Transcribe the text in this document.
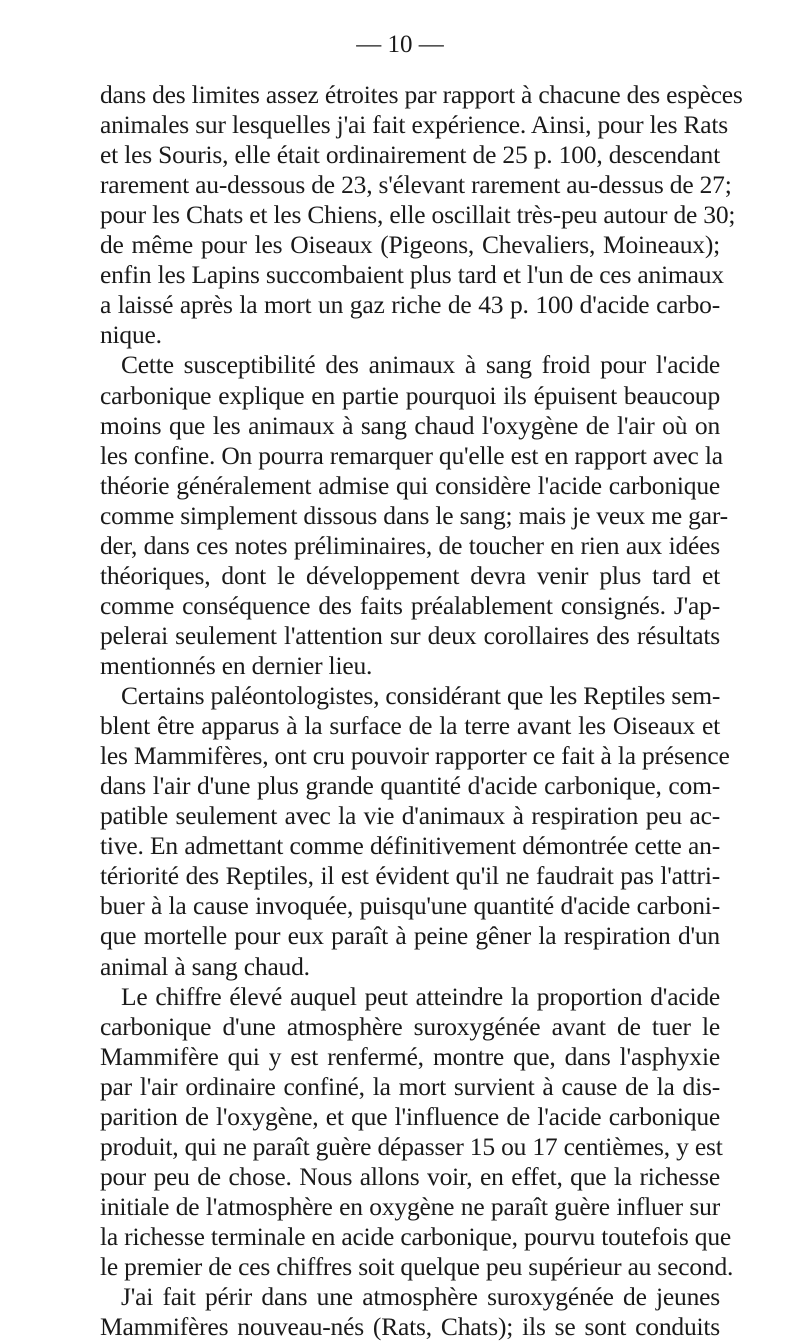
— 10 —
dans des limites assez étroites par rapport à chacune des espèces
animales sur lesquelles j'ai fait expérience. Ainsi, pour les Rats
et les Souris, elle était ordinairement de 25 p. 100, descendant
rarement au-dessous de 23, s'élevant rarement au-dessus de 27;
pour les Chats et les Chiens, elle oscillait très-peu autour de 30;
de même pour les Oiseaux (Pigeons, Chevaliers, Moineaux);
enfin les Lapins succombaient plus tard et l'un de ces animaux
a laissé après la mort un gaz riche de 43 p. 100 d'acide carbo-
nique.
Cette susceptibilité des animaux à sang froid pour l'acide
carbonique explique en partie pourquoi ils épuisent beaucoup
moins que les animaux à sang chaud l'oxygène de l'air où on
les confine. On pourra remarquer qu'elle est en rapport avec la
théorie généralement admise qui considère l'acide carbonique
comme simplement dissous dans le sang; mais je veux me gar-
der, dans ces notes préliminaires, de toucher en rien aux idées
théoriques, dont le développement devra venir plus tard et
comme conséquence des faits préalablement consignés. J'ap-
pelerai seulement l'attention sur deux corollaires des résultats
mentionnés en dernier lieu.
Certains paléontologistes, considérant que les Reptiles sem-
blent être apparus à la surface de la terre avant les Oiseaux et
les Mammifères, ont cru pouvoir rapporter ce fait à la présence
dans l'air d'une plus grande quantité d'acide carbonique, com-
patible seulement avec la vie d'animaux à respiration peu ac-
tive. En admettant comme définitivement démontrée cette an-
tériorité des Reptiles, il est évident qu'il ne faudrait pas l'attri-
buer à la cause invoquée, puisqu'une quantité d'acide carboni-
que mortelle pour eux paraît à peine gêner la respiration d'un
animal à sang chaud.
Le chiffre élevé auquel peut atteindre la proportion d'acide
carbonique d'une atmosphère suroxygénée avant de tuer le
Mammifère qui y est renfermé, montre que, dans l'asphyxie
par l'air ordinaire confiné, la mort survient à cause de la dis-
parition de l'oxygène, et que l'influence de l'acide carbonique
produit, qui ne paraît guère dépasser 15 ou 17 centièmes, y est
pour peu de chose. Nous allons voir, en effet, que la richesse
initiale de l'atmosphère en oxygène ne paraît guère influer sur
la richesse terminale en acide carbonique, pourvu toutefois que
le premier de ces chiffres soit quelque peu supérieur au second.
J'ai fait périr dans une atmosphère suroxygénée de jeunes
Mammifères nouveau-nés (Rats, Chats); ils se sont conduits
